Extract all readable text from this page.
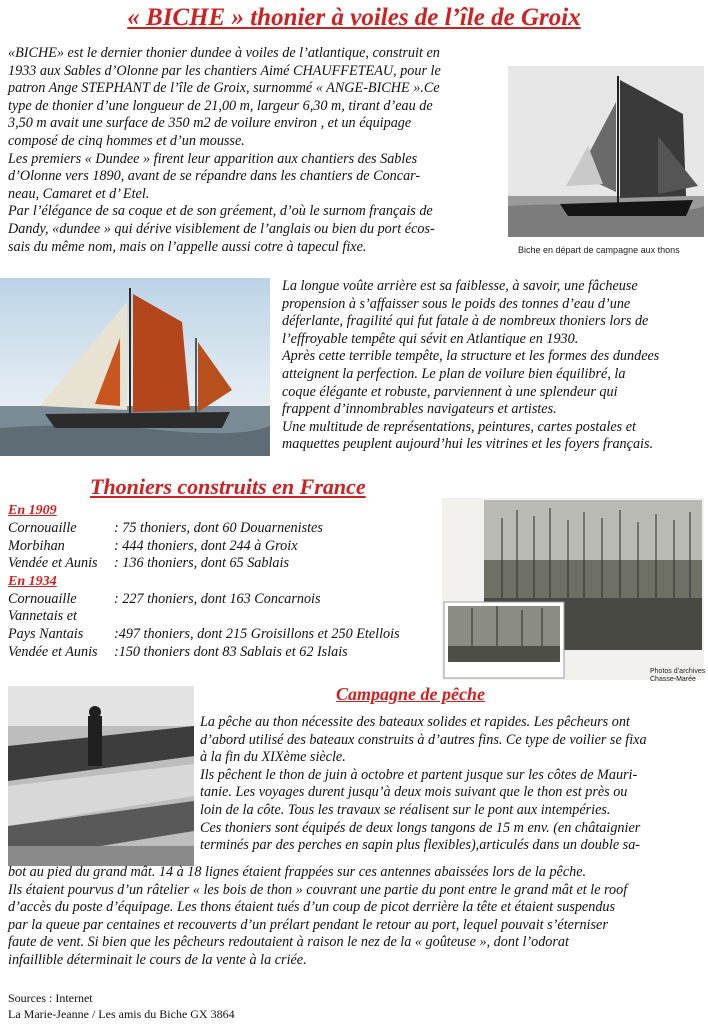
« BICHE » thonier à voiles de l’île de Groix

«BICHE» est le dernier thonier dundee à voiles de l’atlantique, construit en

1933 aux Sables d’Olonne par les chantiers Aimé CHAUFFETEAU, pour le

patron Ange STEPHANT de l’île de Groix, surnommé « ANGE-BICHE ».Ce

type de thonier d’une longueur de 21,00 m, largeur 6,30 m, tirant d’eau de

3,50 m avait une surface de 350 m2 de voilure environ , et un équipage

composé de cinq hommes et d’un mousse.

Les premiers « Dundee » firent leur apparition aux chantiers des Sables

d’Olonne vers 1890, avant de se répandre dans les chantiers de Concar-

neau, Camaret et d’ Etel.

Par l’élégance de sa coque et de son gréement, d’où le surnom français de

Dandy, «dundee » qui dérive visiblement de l’anglais ou bien du port écos-

sais du même nom, mais on l’appelle aussi cotre à tapecul fixe.	Biche en départ de campagne aux thons

La longue voûte arrière est sa faiblesse, à savoir, une fâcheuse

propension à s’affaisser sous le poids des tonnes d’eau d’une

déferlante, fragilité qui fut fatale à de nombreux thoniers lors de

l’effroyable tempête qui sévit en Atlantique en 1930.

Après cette terrible tempête, la structure et les formes des dundees

atteignent la perfection. Le plan de voilure bien équilibré, la

coque élégante et robuste, parviennent à une splendeur qui

frappent d’innombrables navigateurs et artistes.

Une multitude de représentations, peintures, cartes postales et

maquettes peuplent aujourd’hui les vitrines et les foyers français.

Thoniers construits en France
En 1909
Cornouaille	: 75 thoniers, dont 60 Douarnenistes
Morbihan	: 444 thoniers, dont 244 à Groix
Vendée et Aunis	: 136 thoniers, dont 65 Sablais
En 1934
Cornouaille	: 227 thoniers, dont 163 Concarnois
Vannetais et
Pays Nantais	:497 thoniers, dont 215 Groisillons et 250 Etellois
Vendée et Aunis	:150 thoniers dont 83 Sablais et 62 Islais
Photos d’archives
Chasse-Marée
Campagne de pêche

La pêche au thon nécessite des bateaux solides et rapides. Les pêcheurs ont

d’abord utilisé des bateaux construits à d’autres fins. Ce type de voilier se fixa

à la fin du XIXème siècle.

Ils pêchent le thon de juin à octobre et partent jusque sur les côtes de Mauri-

tanie. Les voyages durent jusqu’à deux mois suivant que le thon est près ou

loin de la côte. Tous les travaux se réalisent sur le pont aux intempéries.

Ces thoniers sont équipés de deux longs tangons de 15 m env. (en châtaignier

terminés par des perches en sapin plus flexibles),articulés dans un double sa-

bot au pied du grand mât. 14 à 18 lignes étaient frappées sur ces antennes abaissées lors de la pêche.

Ils étaient pourvus d’un râtelier « les bois de thon » couvrant une partie du pont entre le grand mât et le roof

d’accès du poste d’équipage. Les thons étaient tués d’un coup de picot derrière la tête et étaient suspendus

par la queue par centaines et recouverts d’un prélart pendant le retour au port, lequel pouvait s’éterniser

faute de vent. Si bien que les pêcheurs redoutaient à raison le nez de la « goûteuse », dont l’odorat

infaillible déterminait le cours de la vente à la criée.

Sources : Internet
La Marie-Jeanne / Les amis du Biche GX 3864
